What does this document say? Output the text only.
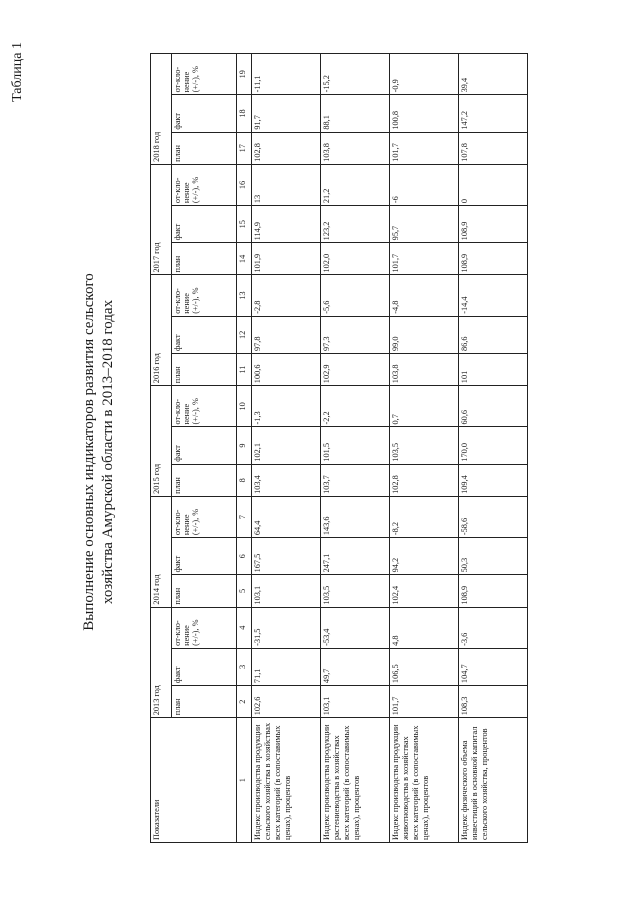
Таблица 1
Выполнение основных индикаторов развития сельского хозяйства Амурской области в 2013–2018 годах
Показатели	2013 год			2014 год			2015 год			2016 год			2017 год			2018 год		
	план	факт	от-кло-нение (+/-), %	план	факт	от-кло-нение (+/-), %	план	факт	от-кло-нение (+/-), %	план	факт	от-кло-нение (+/-), %	план	факт	от-кло-нение (+/-), %	план	факт	от-кло-нение (+/-), %
1	2	3	4	5	6	7	8	9	10	11	12	13	14	15	16	17	18	19
Индекс производства продукции сельского хозяйства в хозяйствах всех категорий (в сопоставимых ценах), процентов	102,6	71,1	-31,5	103,1	167,5	64,4	103,4	102,1	-1,3	100,6	97,8	-2,8	101,9	114,9	13	102,8	91,7	-11,1
Индекс производства продукции растениеводства в хозяйствах всех категорий (в сопоставимых ценах), процентов	103,1	49,7	-53,4	103,5	247,1	143,6	103,7	101,5	-2,2	102,9	97,3	-5,6	102,0	123,2	21,2	103,8	88,1	-15,2
Индекс производства продукции животноводства в хозяйствах всех категорий (в сопоставимых ценах), процентов	101,7	106,5	4,8	102,4	94,2	-8,2	102,8	103,5	0,7	103,8	99,0	-4,8	101,7	95,7	-6	101,7	100,8	-0,9
Индекс физического объема инвестиций в основной капитал сельского хозяйства, процентов	108,3	104,7	-3,6	108,9	50,3	-58,6	109,4	170,0	60,6	101	86,6	-14,4	108,9	108,9	0	107,8	147,2	39,4
